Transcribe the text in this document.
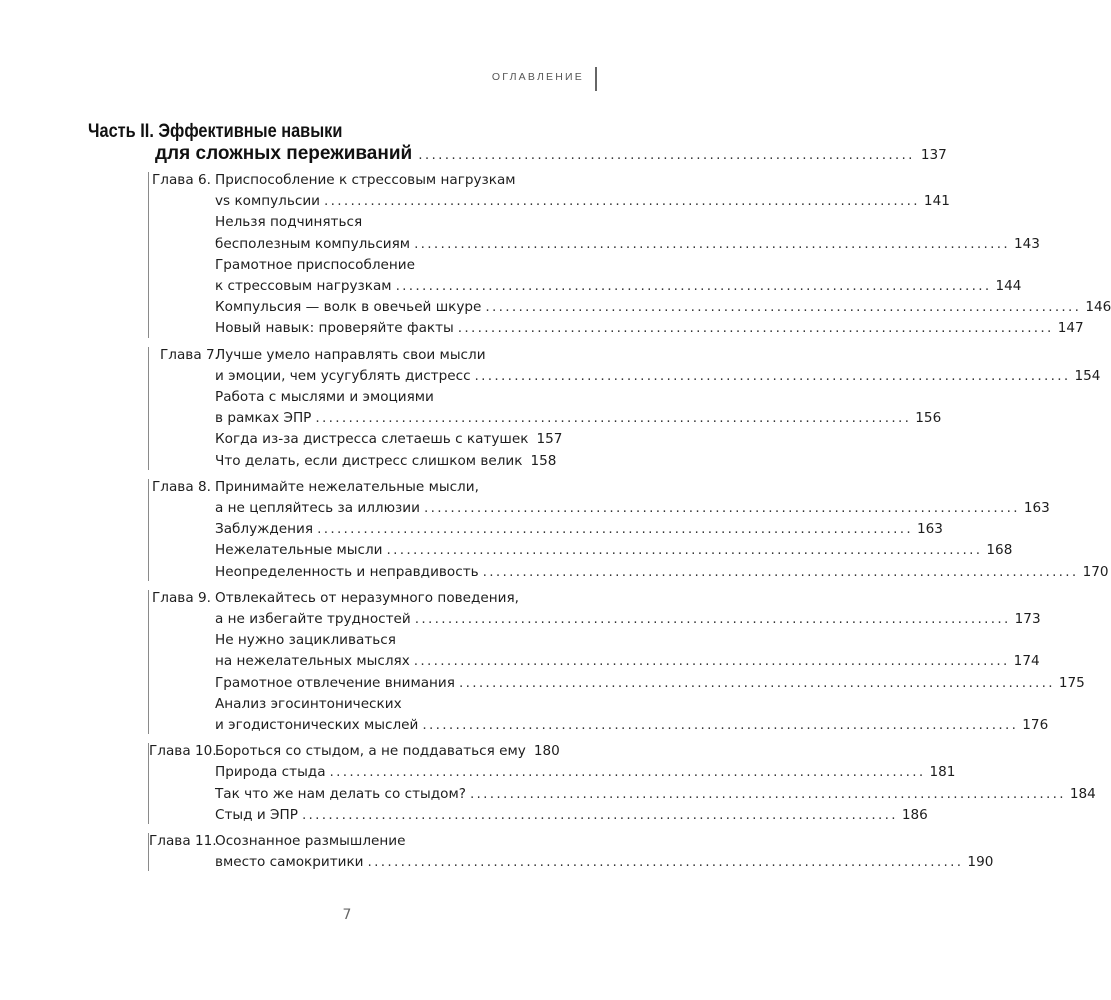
ОГЛАВЛЕНИЕ
Часть II. Эффективные навыки
для сложных переживаний ........................................................................... 137
Глава 6. Приспособление к стрессовым нагрузкам
vs компульсии .......................................................................................... 141
Нельзя подчиняться
бесполезным компульсиям .......................................................................................... 143
Грамотное приспособление
к стрессовым нагрузкам .......................................................................................... 144
Компульсия — волк в овечьей шкуре .......................................................................................... 146
Новый навык: проверяйте факты .......................................................................................... 147
Глава 7.
Лучше умело направлять свои мысли
и эмоции, чем усугублять дистресс .......................................................................................... 154
Работа с мыслями и эмоциями
в рамках ЭПР .......................................................................................... 156
Когда из-за дистресса слетаешь с катушек 157
Что делать, если дистресс слишком велик 158
Глава 8. Принимайте нежелательные мысли,
а не цепляйтесь за иллюзии .......................................................................................... 163
Заблуждения .......................................................................................... 163
Нежелательные мысли .......................................................................................... 168
Неопределенность и неправдивость .......................................................................................... 170
Глава 9. Отвлекайтесь от неразумного поведения,
а не избегайте трудностей .......................................................................................... 173
Не нужно зацикливаться
на нежелательных мыслях .......................................................................................... 174
Грамотное отвлечение внимания .......................................................................................... 175
Анализ эгосинтонических
и эгодистонических мыслей .......................................................................................... 176
Глава 10.
Бороться со стыдом, а не поддаваться ему 180
Природа стыда .......................................................................................... 181
Так что же нам делать со стыдом? .......................................................................................... 184
Стыд и ЭПР .......................................................................................... 186
Глава 11.
Осознанное размышление
вместо самокритики .......................................................................................... 190
7
